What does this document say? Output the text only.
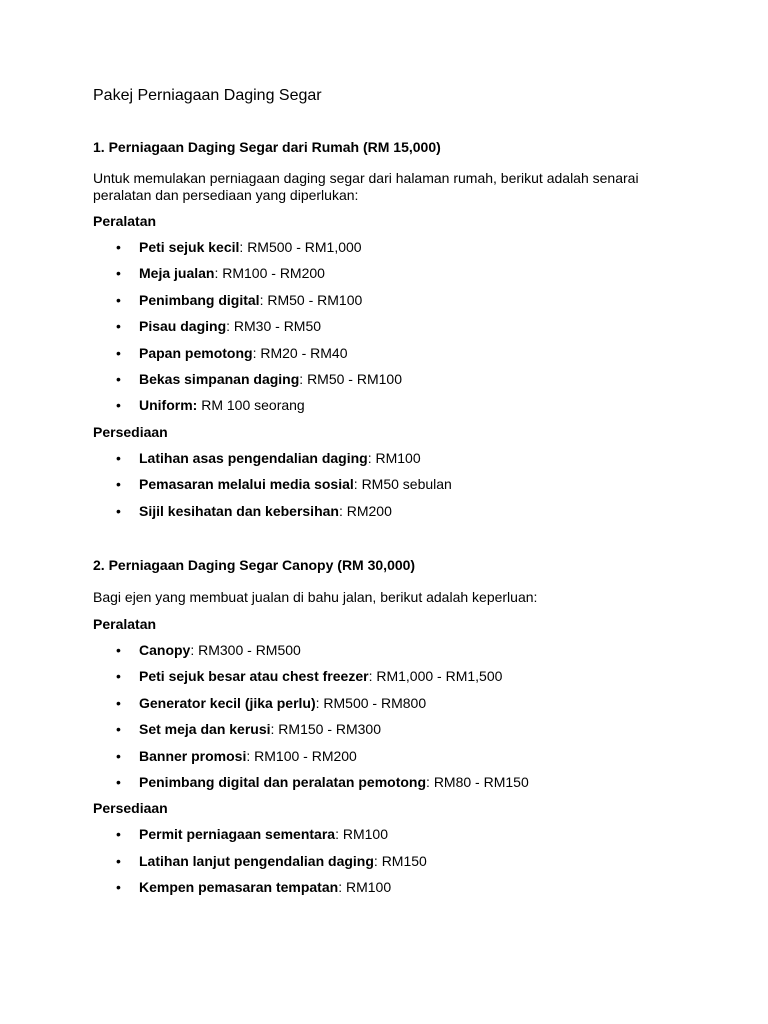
Pakej Perniagaan Daging Segar

1. Perniagaan Daging Segar dari Rumah (RM 15,000)

Untuk memulakan perniagaan daging segar dari halaman rumah, berikut adalah senarai
peralatan dan persediaan yang diperlukan:

Peralatan

• Peti sejuk kecil: RM500 - RM1,000
• Meja jualan: RM100 - RM200
• Penimbang digital: RM50 - RM100
• Pisau daging: RM30 - RM50
• Papan pemotong: RM20 - RM40
• Bekas simpanan daging: RM50 - RM100
• Uniform: RM 100 seorang

Persediaan

• Latihan asas pengendalian daging: RM100
• Pemasaran melalui media sosial: RM50 sebulan
• Sijil kesihatan dan kebersihan: RM200

2. Perniagaan Daging Segar Canopy (RM 30,000)

Bagi ejen yang membuat jualan di bahu jalan, berikut adalah keperluan:

Peralatan

• Canopy: RM300 - RM500
• Peti sejuk besar atau chest freezer: RM1,000 - RM1,500
• Generator kecil (jika perlu): RM500 - RM800
• Set meja dan kerusi: RM150 - RM300
• Banner promosi: RM100 - RM200
• Penimbang digital dan peralatan pemotong: RM80 - RM150

Persediaan

• Permit perniagaan sementara: RM100
• Latihan lanjut pengendalian daging: RM150
• Kempen pemasaran tempatan: RM100
